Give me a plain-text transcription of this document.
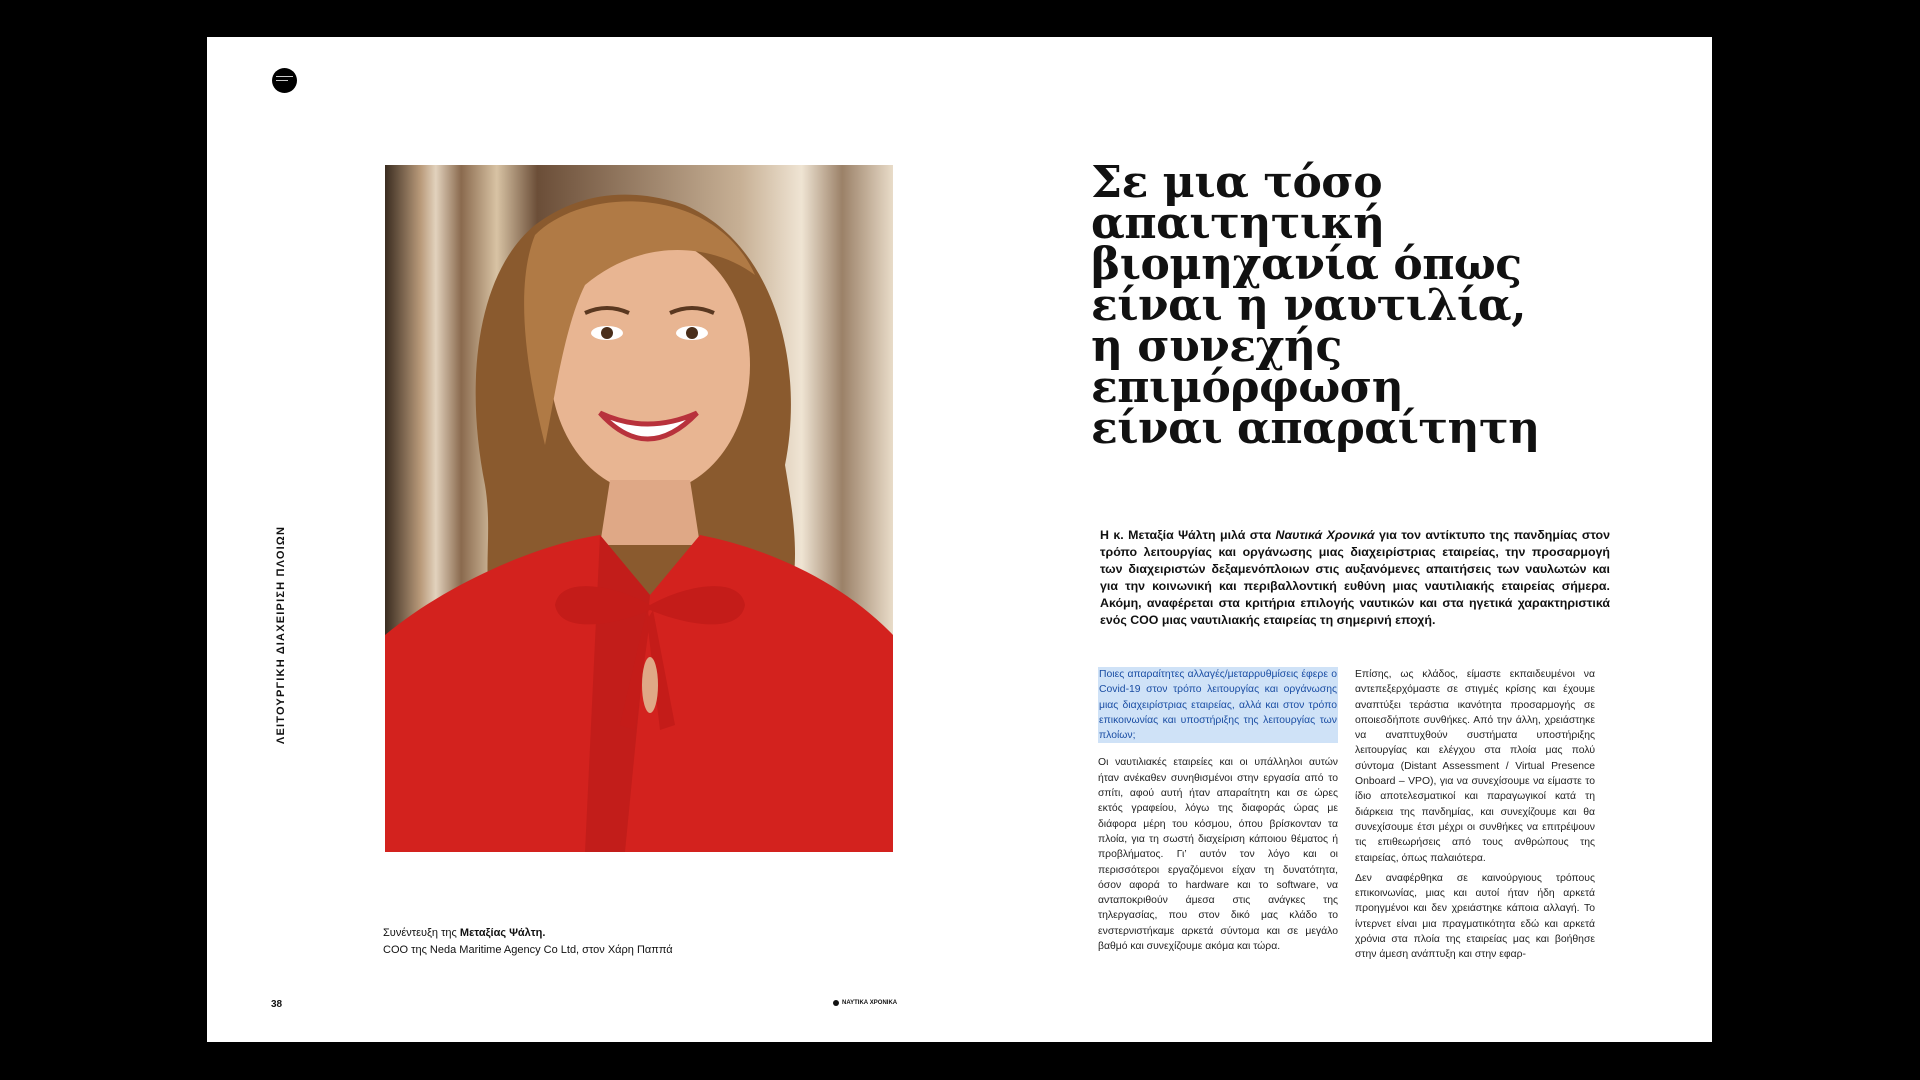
ΛΕΙΤΟΥΡΓΙΚΗ ΔΙΑΧΕΙΡΙΣΗ ΠΛΟΙΩΝ
Συνέντευξη της Μεταξίας Ψάλτη.
COO της Neda Maritime Agency Co Ltd, στον Χάρη Παππά
38	ΝΑΥΤΙΚΑ ΧΡΟΝΙΚΑ
Σε μια τόσο
απαιτητική
βιομηχανία όπως
είναι η ναυτιλία,
η συνεχής
επιμόρφωση
είναι απαραίτητη

Η κ. Μεταξία Ψάλτη μιλά στα Ναυτικά Χρονικά για τον αντίκτυπο της πανδημίας στον τρόπο λειτουργίας και οργάνωσης μιας διαχειρίστριας εταιρείας, την προσαρμογή των διαχειριστών δεξαμενόπλοιων στις αυξανόμενες απαιτήσεις των ναυλωτών και για την κοινωνική και περιβαλλοντική ευθύνη μιας ναυτιλιακής εταιρείας σήμερα. Ακόμη, αναφέρεται στα κριτήρια επιλογής ναυτικών και στα ηγετικά χαρακτηριστικά ενός COO μιας ναυτιλιακής εταιρείας τη σημερινή εποχή.

Ποιες απαραίτητες αλλαγές/μεταρρυθμίσεις έφερε ο Covid-19 στον τρόπο λειτουργίας και οργάνωσης μιας διαχειρίστριας εταιρείας, αλλά και στον τρόπο επικοινωνίας και υποστήριξης της λειτουργίας των πλοίων;

Οι ναυτιλιακές εταιρείες και οι υπάλληλοι αυτών ήταν ανέκαθεν συνηθισμένοι στην εργασία από το σπίτι, αφού αυτή ήταν απαραίτητη και σε ώρες εκτός γραφείου, λόγω της διαφοράς ώρας με διάφορα μέρη του κόσμου, όπου βρίσκονταν τα πλοία, για τη σωστή διαχείριση κάποιου θέματος ή προβλήματος. Γι’ αυτόν τον λόγο και οι περισσότεροι εργαζόμενοι είχαν τη δυνατότητα, όσον αφορά το hardware και το software, να ανταποκριθούν άμεσα στις ανάγκες της τηλεργασίας, που στον δικό μας κλάδο το ενστερνιστήκαμε αρκετά σύντομα και σε μεγάλο βαθμό και συνεχίζουμε ακόμα και τώρα.

Επίσης, ως κλάδος, είμαστε εκπαιδευμένοι να αντεπεξερχόμαστε σε στιγμές κρίσης και έχουμε αναπτύξει τεράστια ικανότητα προσαρμογής σε οποιεσδήποτε συνθήκες. Από την άλλη, χρειάστηκε να αναπτυχθούν συστήματα υποστήριξης λειτουργίας και ελέγχου στα πλοία μας πολύ σύντομα (Distant Assessment / Virtual Presence Onboard – VPO), για να συνεχίσουμε να είμαστε το ίδιο αποτελεσματικοί και παραγωγικοί κατά τη διάρκεια της πανδημίας, και συνεχίζουμε και θα συνεχίσουμε έτσι μέχρι οι συνθήκες να επιτρέψουν τις επιθεωρήσεις από τους ανθρώπους της εταιρείας, όπως παλαιότερα.

Δεν αναφέρθηκα σε καινούργιους τρόπους επικοινωνίας, μιας και αυτοί ήταν ήδη αρκετά προηγμένοι και δεν χρειάστηκε κάποια αλλαγή. Το ίντερνετ είναι μια πραγματικότητα εδώ και αρκετά χρόνια στα πλοία της εταιρείας μας και βοήθησε στην άμεση ανάπτυξη και στην εφαρ-
